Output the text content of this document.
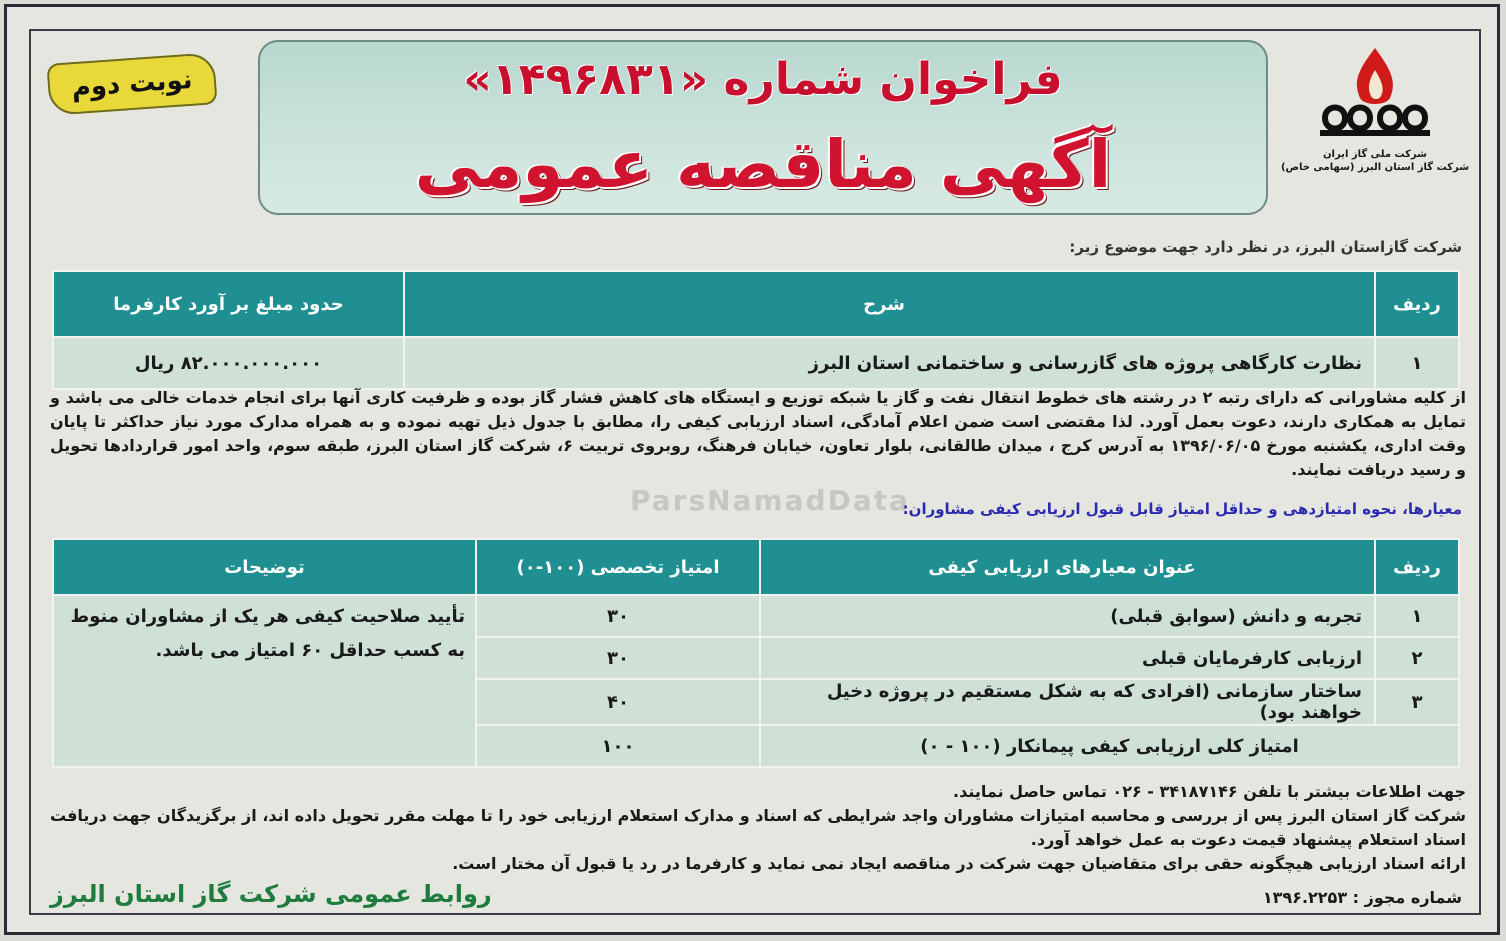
نوبت دوم	فراخوان شماره «۱۴۹۶۸۳۱»
آگهی مناقصه عمومی	شرکت ملی گاز ایران
شرکت گاز استان البرز (سهامی خاص)
شرکت گازاستان البرز، در نظر دارد جهت موضوع زیر:
ردیف	شرح	حدود مبلغ بر آورد کارفرما
۱	نظارت کارگاهی پروژه های گازرسانی و ساختمانی استان البرز	۸۲.۰۰۰.۰۰۰.۰۰۰ ریال
از کلیه مشاورانی که دارای رتبه ۲ در رشته های خطوط انتقال نفت و گاز یا شبکه توزیع و ایستگاه های کاهش فشار گاز بوده و ظرفیت کاری آنها برای انجام خدمات خالی می باشد و تمایل به همکاری دارند، دعوت بعمل آورد. لذا مقتضی است ضمن اعلام آمادگی، اسناد ارزیابی کیفی را، مطابق با جدول ذیل تهیه نموده و به همراه مدارک مورد نیاز حداکثر تا پایان وقت اداری، یکشنبه مورخ ۱۳۹۶/۰۶/۰۵ به آدرس کرج ، میدان طالقانی، بلوار تعاون، خیابان فرهنگ، روبروی تربیت ۶، شرکت گاز استان البرز، طبقه سوم، واحد امور قراردادها تحویل و رسید دریافت نمایند.
ParsNamadData
معیارها، نحوه امتیازدهی و حداقل امتیاز قابل قبول ارزیابی کیفی مشاوران:
ردیف	عنوان معیارهای ارزیابی کیفی	امتیاز تخصصی (۱۰۰-۰)	توضیحات
۱	تجربه و دانش (سوابق قبلی)	۳۰	تأیید صلاحیت کیفی هر یک از مشاوران منوط به کسب حداقل ۶۰ امتیاز می باشد.
۲	ارزیابی کارفرمایان قبلی	۳۰	
۳	ساختار سازمانی (افرادی که به شکل مستقیم در پروژه دخیل خواهند بود)	۴۰	
امتیاز کلی ارزیابی کیفی پیمانکار (۱۰۰ - ۰)		۱۰۰	

جهت اطلاعات بیشتر با تلفن ۳۴۱۸۷۱۴۶ - ۰۲۶ تماس حاصل نمایند.

شرکت گاز استان البرز پس از بررسی و محاسبه امتیازات مشاوران واجد شرایطی که اسناد و مدارک استعلام ارزیابی خود را تا مهلت مقرر تحویل داده اند، از برگزیدگان جهت دریافت اسناد استعلام پیشنهاد قیمت دعوت به عمل خواهد آورد.

ارائه اسناد ارزیابی هیچگونه حقی برای متقاضیان جهت شرکت در مناقصه ایجاد نمی نماید و کارفرما در رد یا قبول آن مختار است.

روابط عمومی شرکت گاز استان البرز	شماره مجوز : ۱۳۹۶.۲۲۵۳
